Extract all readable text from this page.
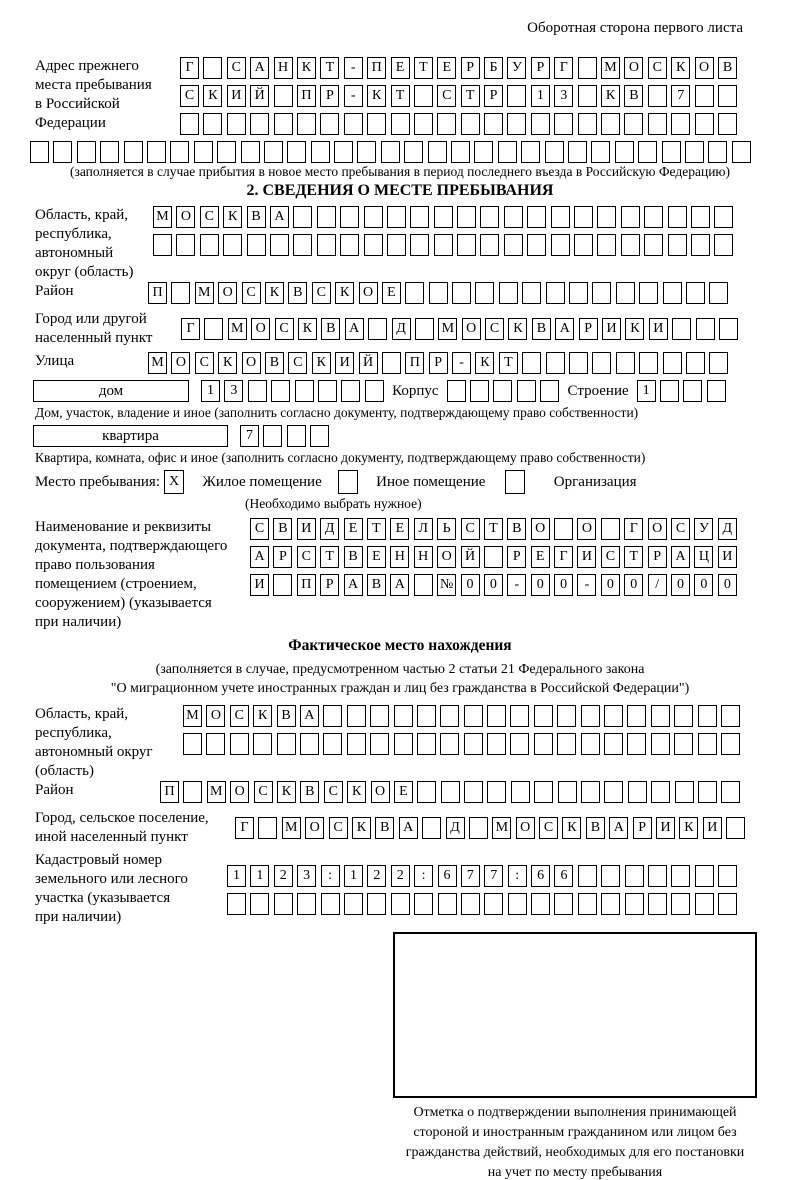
Оборотная сторона первого листа
Адрес прежнего
места пребывания
в Российской
Федерации
Г	С А Н К	Т	-	П	Е	Т	Е	Р	Б	У	Р	Г	М О С	К О В
С	К И Й	П	Р	-	К	Т	С	Т	Р	1	3	К	В	7
(заполняется в случае прибытия в новое место пребывания в период последнего въезда в Российскую Федерацию)
2. СВЕДЕНИЯ О МЕСТЕ ПРЕБЫВАНИЯ
Область, край,
республика,
автономный
округ (область)
М О С	К	В А
Район	П	М О С	К	В	С	К О	Е
Город или другой
населенный пункт
Г	М О С	К	В А	Д	М О С	К	В А	Р	И К И
Улица	М О С	К О В	С	К И Й	П	Р	-	К	Т
дом	1	3	Корпус	Строение	1
Дом, участок, владение и иное (заполнить согласно документу, подтверждающему право собственности)
квартира	7
Квартира, комната, офис и иное (заполнить согласно документу, подтверждающему право собственности)
Место пребывания: X	Жилое помещение	Иное помещение	Организация
(Необходимо выбрать нужное)
Наименование и реквизиты
документа, подтверждающего
право пользования
помещением (строением,
сооружением) (указывается
при наличии)
С	В И Д	Е	Т	Е	Л	Ь	С	Т	В О	О	Г	О С У Д
А	Р	С	Т	В	Е	Н Н О Й	Р	Е	Г	И С	Т	Р	А Ц И
И	П	Р	А В А	№ 0	0	-	0	0	-	0	0	/	0	0	0
Фактическое место нахождения
(заполняется в случае, предусмотренном частью 2 статьи 21 Федерального закона
"О миграционном учете иностранных граждан и лиц без гражданства в Российской Федерации")
Область, край,
республика,
автономный округ
(область)
М О С	К	В А
Район	П	М О С	К	В	С	К О	Е
Город, сельское поселение,
иной населенный пункт
Г	М О С	К	В А	Д	М О С	К	В А	Р	И К И
Кадастровый номер
земельного или лесного
участка (указывается
при наличии)
1	1	2	3	:	1	2	2	:	6	7	7	:	6	6
Отметка о подтверждении выполнения принимающей
стороной и иностранным гражданином или лицом без
гражданства действий, необходимых для его постановки
на учет по месту пребывания
